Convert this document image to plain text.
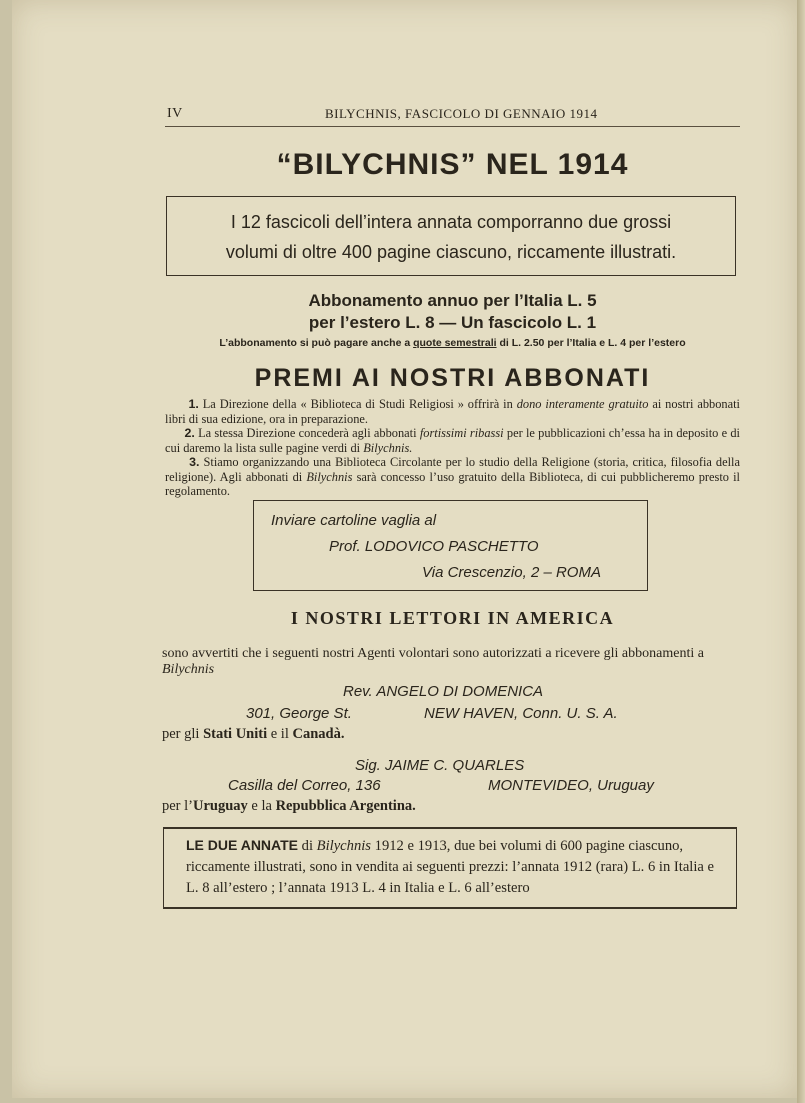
IV	BILYCHNIS, FASCICOLO DI GENNAIO 1914
“BILYCHNIS” NEL 1914
I 12 fascicoli dell’intera annata comporranno due grossi
volumi di oltre 400 pagine ciascuno, riccamente illustrati.
Abbonamento annuo per l’Italia L. 5
per l’estero L. 8 — Un fascicolo L. 1
L’abbonamento si può pagare anche a quote semestrali di L. 2.50 per l’Italia e L. 4 per l’estero
PREMI AI NOSTRI ABBONATI

1. La Direzione della « Biblioteca di Studi Religiosi » offrirà in dono interamente gratuito ai nostri abbonati libri di sua edizione, ora in preparazione.

2. La stessa Direzione concederà agli abbonati fortissimi ribassi per le pubblicazioni ch’essa ha in deposito e di cui daremo la lista sulle pagine verdi di Bilychnis.

3. Stiamo organizzando una Biblioteca Circolante per lo studio della Religione (storia, critica, filosofia della religione). Agli abbonati di Bilychnis sarà concesso l’uso gratuito della Biblioteca, di cui pubblicheremo presto il regolamento.

Inviare cartoline vaglia al
Prof. LODOVICO PASCHETTO
Via Crescenzio, 2 – ROMA
I NOSTRI LETTORI IN AMERICA

sono avvertiti che i seguenti nostri Agenti volontari sono autorizzati a ricevere gli abbonamenti a Bilychnis

Rev. ANGELO DI DOMENICA
301, George St.	NEW HAVEN, Conn. U. S. A.
per gli Stati Uniti e il Canadà.
Sig. JAIME C. QUARLES
Casilla del Correo, 136	MONTEVIDEO, Uruguay
per l’Uruguay e la Repubblica Argentina.
LE DUE ANNATE di Bilychnis 1912 e 1913, due bei volumi di 600 pagine ciascuno, riccamente illustrati, sono in vendita ai seguenti prezzi: l’annata 1912 (rara) L. 6 in Italia e L. 8 all’estero ; l’annata 1913 L. 4 in Italia e L. 6 all’estero
